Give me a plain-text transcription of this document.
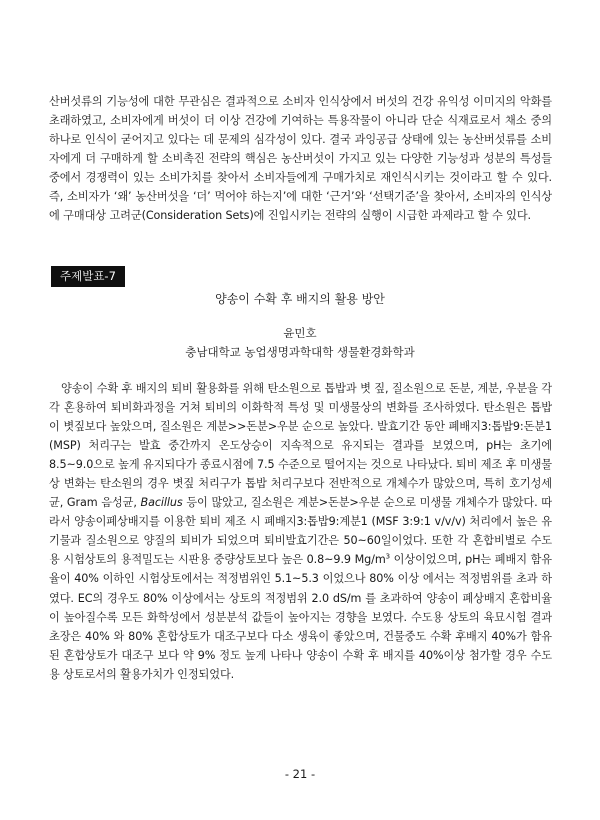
산버섯류의 기능성에 대한 무관심은 결과적으로 소비자 인식상에서 버섯의 건강 유익성 이미지의 악화를 초래하였고, 소비자에게 버섯이 더 이상 건강에 기여하는 특용작물이 아니라 단순 식재료로서 채소 중의 하나로 인식이 굳어지고 있다는 데 문제의 심각성이 있다. 결국 과잉공급 상태에 있는 농산버섯류를 소비자에게 더 구매하게 할 소비촉진 전략의 핵심은 농산버섯이 가지고 있는 다양한 기능성과 성분의 특성들 중에서 경쟁력이 있는 소비가치를 찾아서 소비자들에게 구매가치로 재인식시키는 것이라고 할 수 있다. 즉, 소비자가 ‘왜’ 농산버섯을 ‘더’ 먹어야 하는지’에 대한 ‘근거’와 ‘선택기준’을 찾아서, 소비자의 인식상에 구매대상 고려군(Consideration Sets)에 진입시키는 전략의 실행이 시급한 과제라고 할 수 있다.

주제발표-7
양송이 수확 후 배지의 활용 방안
윤민호
충남대학교 농업생명과학대학 생물환경화학과

양송이 수확 후 배지의 퇴비 활용화를 위해 탄소원으로 톱밥과 볏 짚, 질소원으로 돈분, 계분, 우분을 각각 혼용하여 퇴비화과정을 거쳐 퇴비의 이화학적 특성 및 미생물상의 변화를 조사하였다. 탄소원은 톱밥이 볏짚보다 높았으며, 질소원은 계분>>돈분>우분 순으로 높았다. 발효기간 동안 폐배지3:톱밥9:돈분1 (MSP) 처리구는 발효 중간까지 온도상승이 지속적으로 유지되는 결과를 보였으며, pH는 초기에 8.5~9.0으로 높게 유지되다가 종료시점에 7.5 수준으로 떨어지는 것으로 나타났다. 퇴비 제조 후 미생물상 변화는 탄소원의 경우 볏짚 처리구가 톱밥 처리구보다 전반적으로 개체수가 많았으며, 특히 호기성세균, Gram 음성균, Bacillus 등이 많았고, 질소원은 계분>돈분>우분 순으로 미생물 개체수가 많았다. 따라서 양송이폐상배지를 이용한 퇴비 제조 시 폐배지3:톱밥9:계분1 (MSF 3:9:1 v/v/v) 처리에서 높은 유기물과 질소원으로 양질의 퇴비가 되었으며 퇴비발효기간은 50~60일이었다. 또한 각 혼합비별로 수도용 시험상토의 용적밀도는 시판용 중량상토보다 높은 0.8~9.9 $Mg/m^3$ 이상이었으며, pH는 폐배지 함유율이 40% 이하인 시험상토에서는 적정범위인 5.1~5.3 이었으나 80% 이상 에서는 적정범위를 초과 하였다. EC의 경우도 80% 이상에서는 상토의 적정범위 2.0 dS/m 를 초과하여 양송이 폐상배지 혼합비율이 높아질수록 모든 화학성에서 성분분석 값들이 높아지는 경향을 보였다. 수도용 상토의 육묘시험 결과 초장은 40% 와 80% 혼합상토가 대조구보다 다소 생육이 좋았으며, 건물중도 수확 후배지 40%가 함유된 혼합상토가 대조구 보다 약 9% 정도 높게 나타나 양송이 수확 후 배지를 40%이상 첨가할 경우 수도용 상토로서의 활용가치가 인정되었다.

- 21 -
